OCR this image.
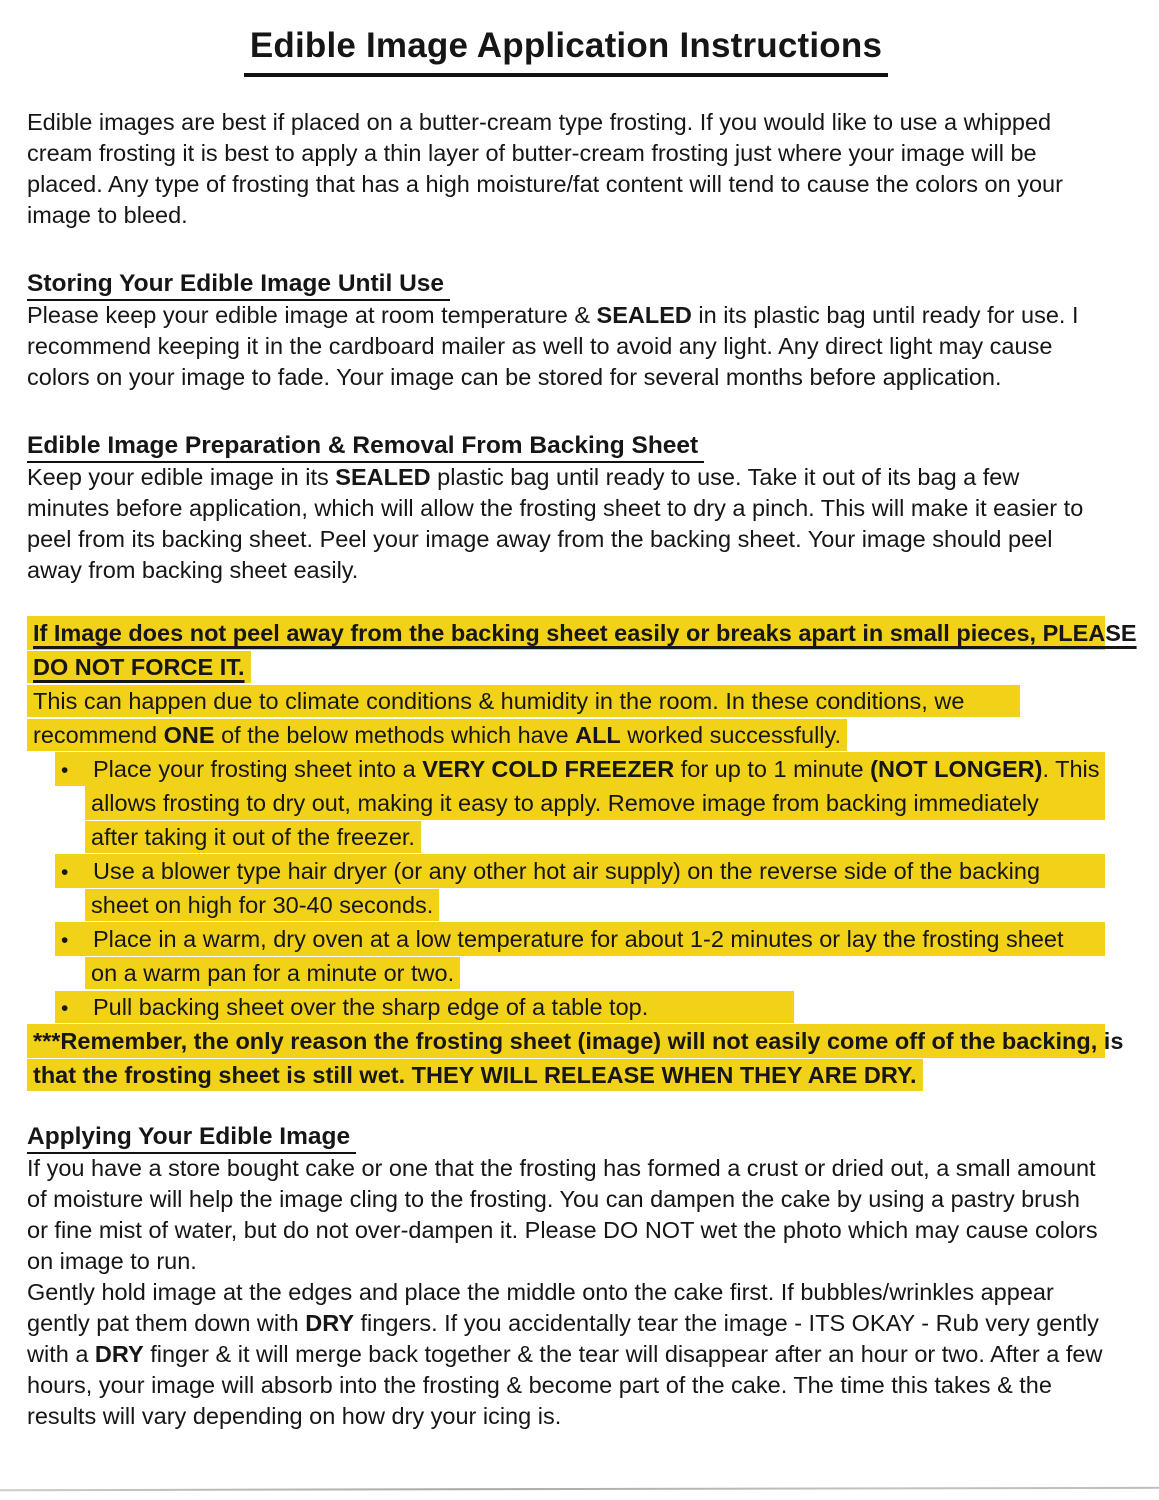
Edible Image Application Instructions

Edible images are best if placed on a butter-cream type frosting. If you would like to use a whipped cream frosting it is best to apply a thin layer of butter-cream frosting just where your image will be placed. Any type of frosting that has a high moisture/fat content will tend to cause the colors on your image to bleed.

Storing Your Edible Image Until Use

Please keep your edible image at room temperature & SEALED in its plastic bag until ready for use. I recommend keeping it in the cardboard mailer as well to avoid any light. Any direct light may cause colors on your image to fade. Your image can be stored for several months before application.

Edible Image Preparation & Removal From Backing Sheet

Keep your edible image in its SEALED plastic bag until ready to use. Take it out of its bag a few minutes before application, which will allow the frosting sheet to dry a pinch. This will make it easier to peel from its backing sheet. Peel your image away from the backing sheet. Your image should peel away from backing sheet easily.

If Image does not peel away from the backing sheet easily or breaks apart in small pieces, PLEASE
DO NOT FORCE IT.
This can happen due to climate conditions & humidity in the room. In these conditions, we
recommend ONE of the below methods which have ALL worked successfully.
• Place your frosting sheet into a VERY COLD FREEZER for up to 1 minute (NOT LONGER). This
allows frosting to dry out, making it easy to apply. Remove image from backing immediately
after taking it out of the freezer.
• Use a blower type hair dryer (or any other hot air supply) on the reverse side of the backing
sheet on high for 30-40 seconds.
• Place in a warm, dry oven at a low temperature for about 1-2 minutes or lay the frosting sheet
on a warm pan for a minute or two.
• Pull backing sheet over the sharp edge of a table top.
***Remember, the only reason the frosting sheet (image) will not easily come off of the backing, is
that the frosting sheet is still wet. THEY WILL RELEASE WHEN THEY ARE DRY.
Applying Your Edible Image

If you have a store bought cake or one that the frosting has formed a crust or dried out, a small amount of moisture will help the image cling to the frosting. You can dampen the cake by using a pastry brush or fine mist of water, but do not over-dampen it. Please DO NOT wet the photo which may cause colors on image to run.

Gently hold image at the edges and place the middle onto the cake first. If bubbles/wrinkles appear gently pat them down with DRY fingers. If you accidentally tear the image - ITS OKAY - Rub very gently with a DRY finger & it will merge back together & the tear will disappear after an hour or two. After a few hours, your image will absorb into the frosting & become part of the cake. The time this takes & the results will vary depending on how dry your icing is.
